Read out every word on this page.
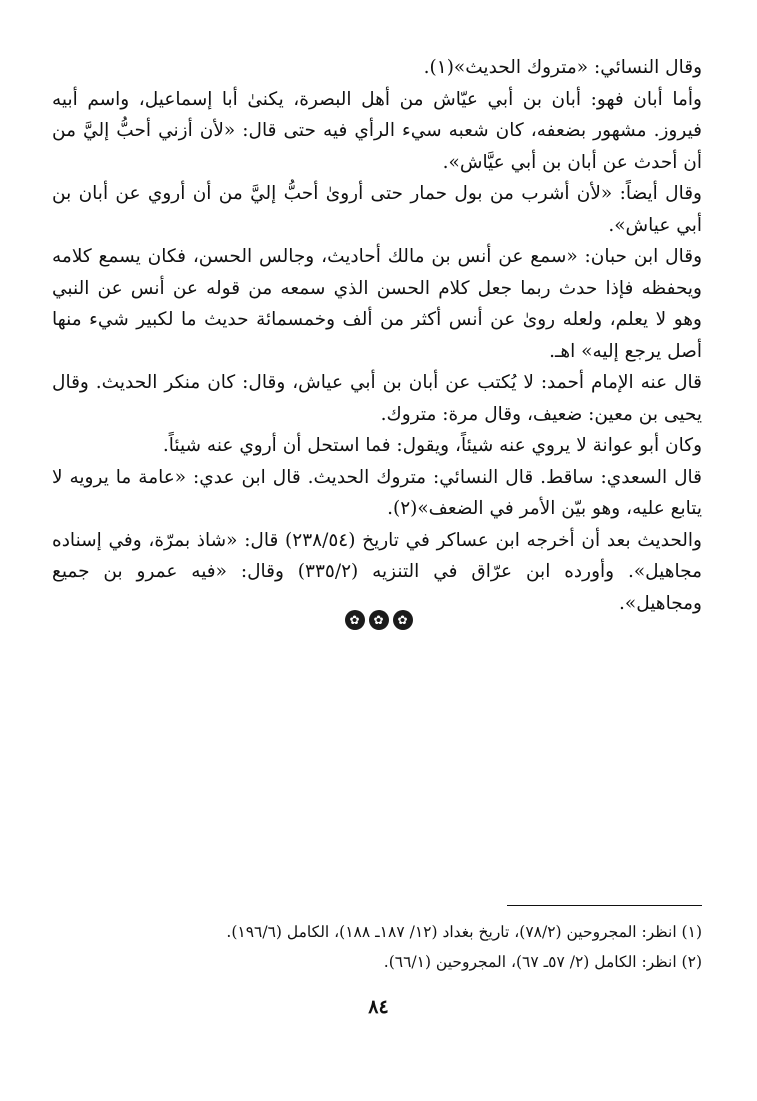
وقال النسائي: «متروك الحديث»(١).

وأما أبان فهو: أبان بن أبي عيّاش من أهل البصرة، يكنىٰ أبا إسماعيل، واسم أبيه فيروز. مشهور بضعفه، كان شعبه سيء الرأي فيه حتى قال: «لأن أزني أحبُّ إليَّ من أن أحدث عن أبان بن أبي عيَّاش».

وقال أيضاً: «لأن أشرب من بول حمار حتى أروىٰ أحبُّ إليَّ من أن أروي عن أبان بن أبي عياش».

وقال ابن حبان: «سمع عن أنس بن مالك أحاديث، وجالس الحسن، فكان يسمع كلامه ويحفظه فإذا حدث ربما جعل كلام الحسن الذي سمعه من قوله عن أنس عن النبي وهو لا يعلم، ولعله روىٰ عن أنس أكثر من ألف وخمسمائة حديث ما لكبير شيء منها أصل يرجع إليه» اهـ.

قال عنه الإمام أحمد: لا يُكتب عن أبان بن أبي عياش، وقال: كان منكر الحديث. وقال يحيى بن معين: ضعيف، وقال مرة: متروك.

وكان أبو عوانة لا يروي عنه شيئاً، ويقول: فما استحل أن أروي عنه شيئاً.

قال السعدي: ساقط. قال النسائي: متروك الحديث. قال ابن عدي: «عامة ما يرويه لا يتابع عليه، وهو بيّن الأمر في الضعف»(٢).

والحديث بعد أن أخرجه ابن عساكر في تاريخ (٢٣٨/٥٤) قال: «شاذ بمرّة، وفي إسناده مجاهيل». وأورده ابن عرّاق في التنزيه (٣٣٥/٢) وقال: «فيه عمرو بن جميع ومجاهيل».

✿	✿	✿

(١) انظر: المجروحين (٧٨/٢)، تاريخ بغداد (١٢/ ١٨٧ـ ١٨٨)، الكامل (١٩٦/٦).

(٢) انظر: الكامل (٢/ ٥٧ـ ٦٧)، المجروحين (٦٦/١).

٨٤
